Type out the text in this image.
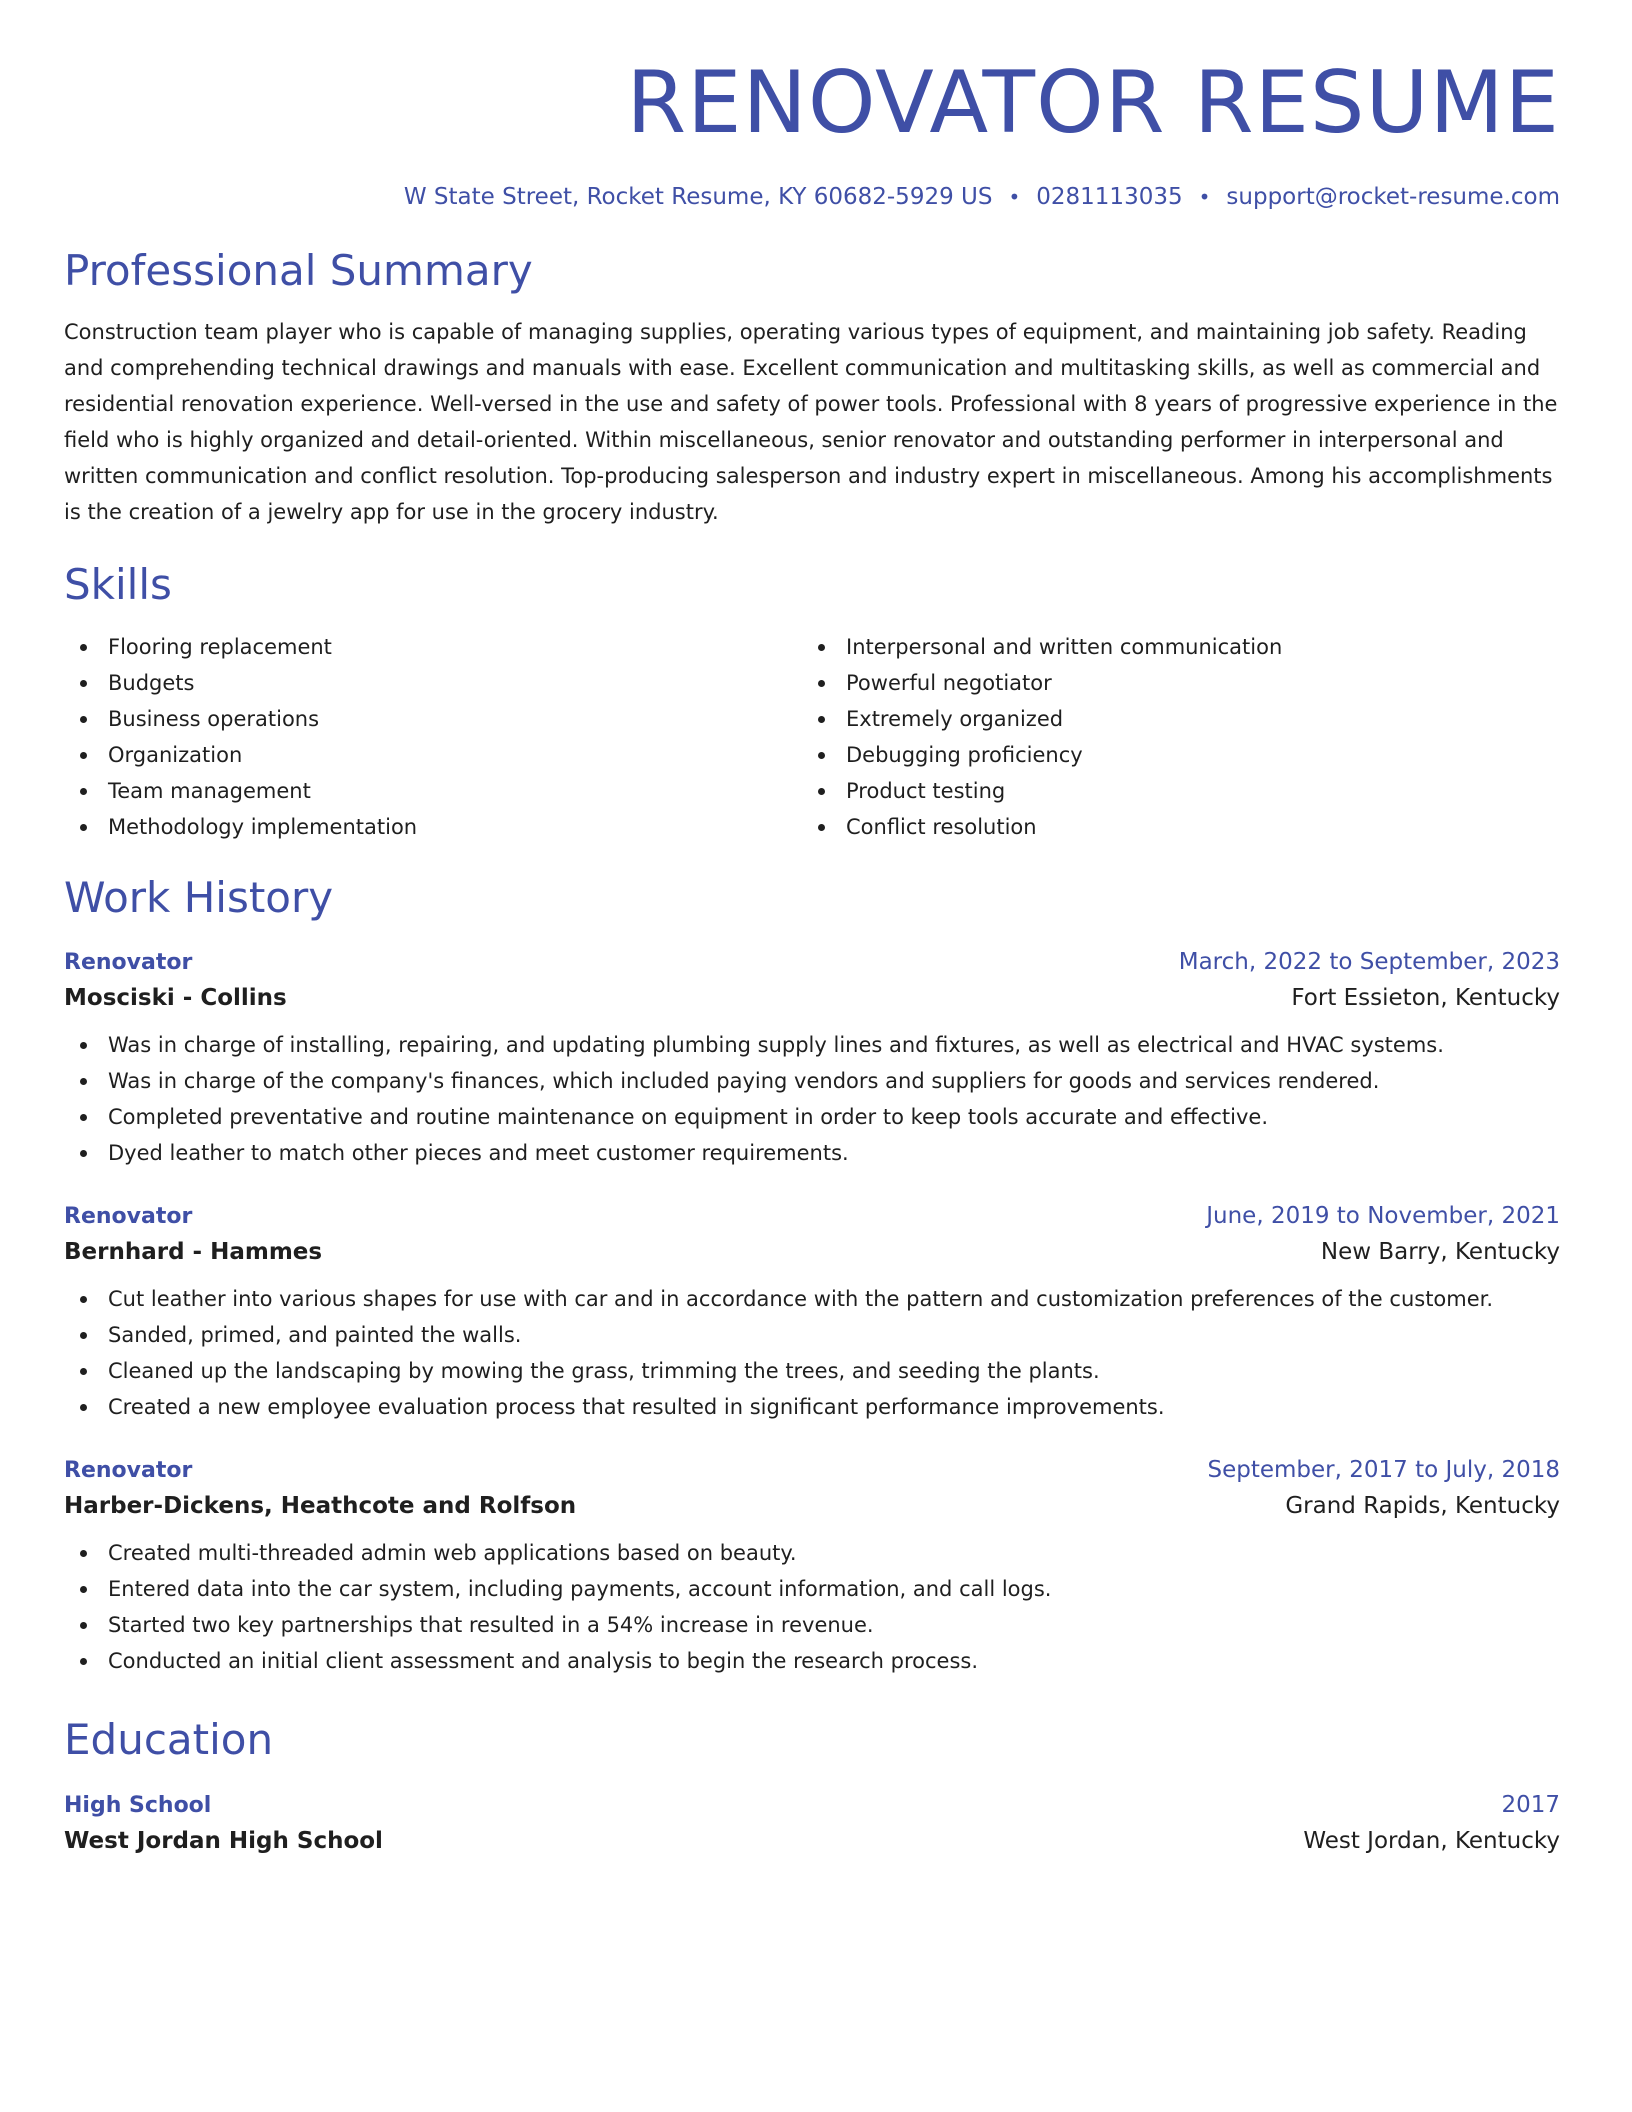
RENOVATOR RESUME
W State Street, Rocket Resume, KY 60682-5929 US • 0281113035 • support@rocket-resume.com
Professional Summary

Construction team player who is capable of managing supplies, operating various types of equipment, and maintaining job safety. Reading and comprehending technical drawings and manuals with ease. Excellent communication and multitasking skills, as well as commercial and residential renovation experience. Well-versed in the use and safety of power tools. Professional with 8 years of progressive experience in the field who is highly organized and detail-oriented. Within miscellaneous, senior renovator and outstanding performer in interpersonal and written communication and conflict resolution. Top-producing salesperson and industry expert in miscellaneous. Among his accomplishments is the creation of a jewelry app for use in the grocery industry.

Skills
Flooring replacement
Budgets
Business operations
Organization
Team management
Methodology implementation
Interpersonal and written communication
Powerful negotiator
Extremely organized
Debugging proficiency
Product testing
Conflict resolution
Work History
Renovator	March, 2022 to September, 2023
Mosciski - Collins	Fort Essieton, Kentucky
Was in charge of installing, repairing, and updating plumbing supply lines and fixtures, as well as electrical and HVAC systems.
Was in charge of the company's finances, which included paying vendors and suppliers for goods and services rendered.
Completed preventative and routine maintenance on equipment in order to keep tools accurate and effective.
Dyed leather to match other pieces and meet customer requirements.
Renovator	June, 2019 to November, 2021
Bernhard - Hammes	New Barry, Kentucky
Cut leather into various shapes for use with car and in accordance with the pattern and customization preferences of the customer.
Sanded, primed, and painted the walls.
Cleaned up the landscaping by mowing the grass, trimming the trees, and seeding the plants.
Created a new employee evaluation process that resulted in significant performance improvements.
Renovator	September, 2017 to July, 2018
Harber-Dickens, Heathcote and Rolfson	Grand Rapids, Kentucky
Created multi-threaded admin web applications based on beauty.
Entered data into the car system, including payments, account information, and call logs.
Started two key partnerships that resulted in a 54% increase in revenue.
Conducted an initial client assessment and analysis to begin the research process.
Education
High School	2017
West Jordan High School	West Jordan, Kentucky
